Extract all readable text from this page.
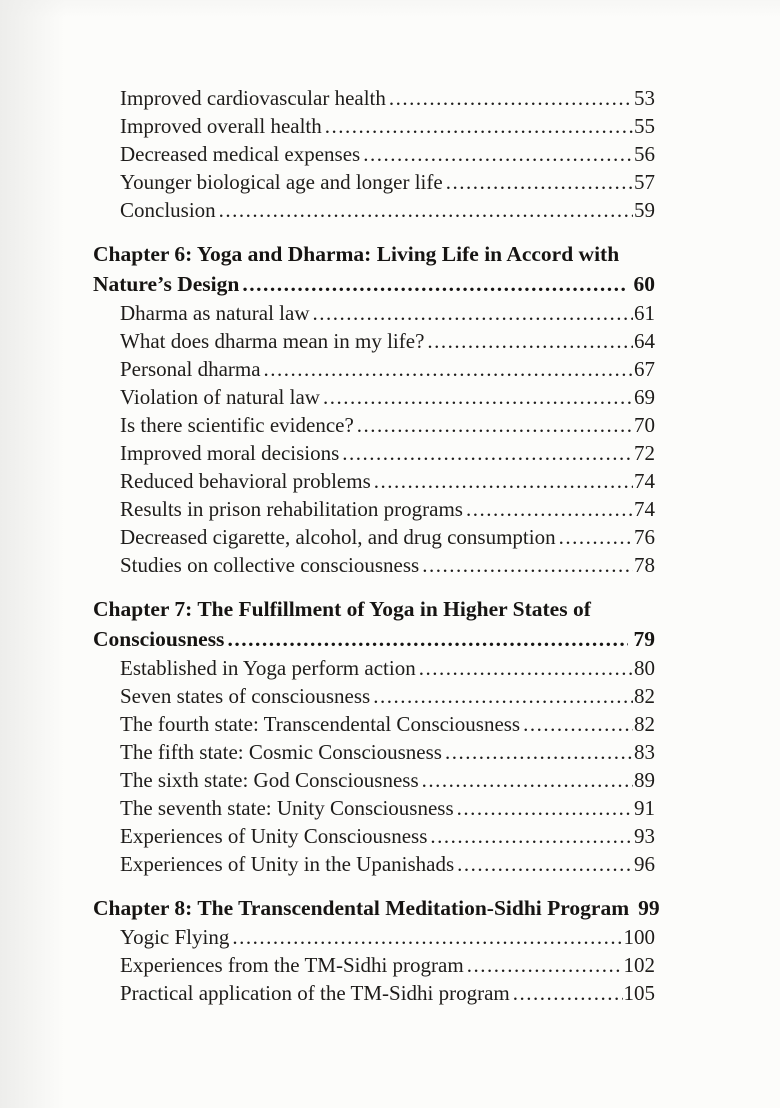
Improved cardiovascular health .....	53
Improved overall health .....	55
Decreased medical expenses .....	56
Younger biological age and longer life .....	57
Conclusion .....	59
Chapter 6: Yoga and Dharma: Living Life in Accord with
Nature’s Design .....	60
Dharma as natural law .....	61
What does dharma mean in my life? .....	64
Personal dharma .....	67
Violation of natural law .....	69
Is there scientific evidence? .....	70
Improved moral decisions .....	72
Reduced behavioral problems .....	74
Results in prison rehabilitation programs .....	74
Decreased cigarette, alcohol, and drug consumption .....	76
Studies on collective consciousness .....	78
Chapter 7: The Fulfillment of Yoga in Higher States of
Consciousness .....	79
Established in Yoga perform action .....	80
Seven states of consciousness .....	82
The fourth state: Transcendental Consciousness .....	82
The fifth state: Cosmic Consciousness .....	83
The sixth state: God Consciousness .....	89
The seventh state: Unity Consciousness .....	91
Experiences of Unity Consciousness .....	93
Experiences of Unity in the Upanishads .....	96
Chapter 8: The Transcendental Meditation-Sidhi Program 99
Yogic Flying .....	100
Experiences from the TM-Sidhi program .....	102
Practical application of the TM-Sidhi program .....	105
